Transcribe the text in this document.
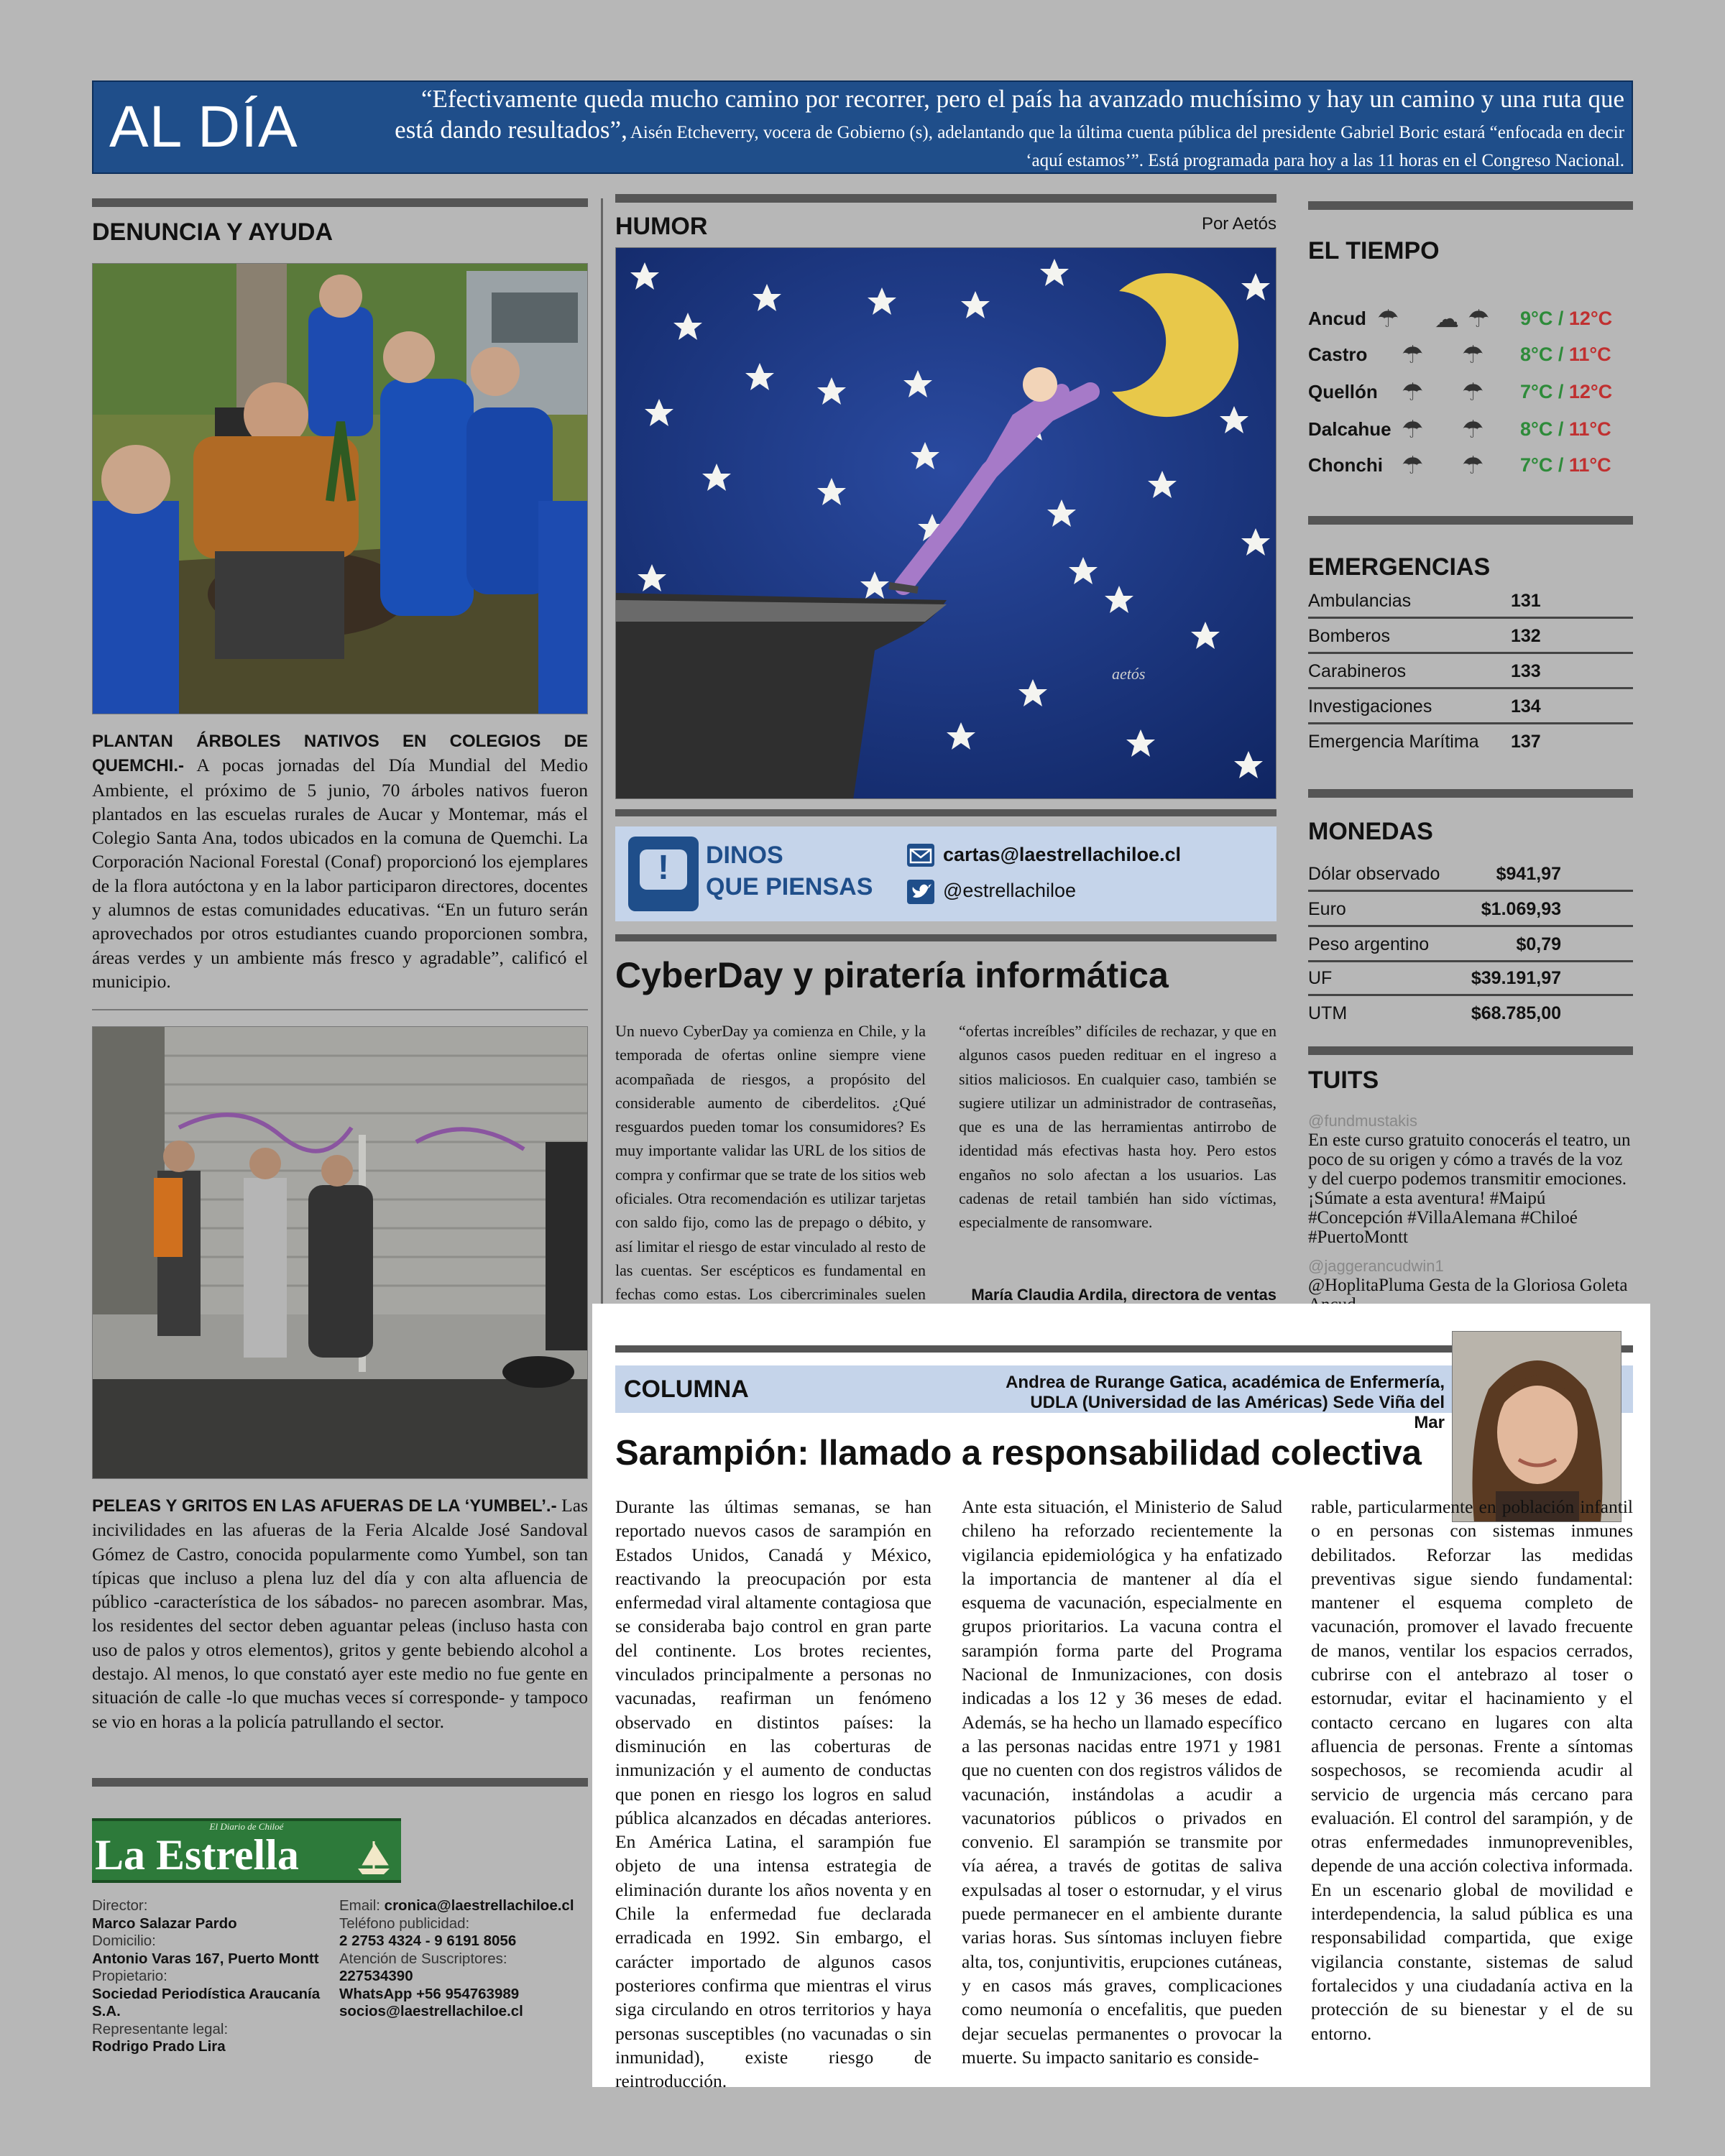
AL DÍA	“Efectivamente queda mucho camino por recorrer, pero el país ha avanzado muchísimo y hay un camino y una ruta que está dando resultados”, Aisén Etcheverry, vocera de Gobierno (s), adelantando que la última cuenta pública del presidente Gabriel Boric estará “enfocada en decir ‘aquí estamos’”. Está programada para hoy a las 11 horas en el Congreso Nacional.
DENUNCIA Y AYUDA
PLANTAN ÁRBOLES NATIVOS EN COLEGIOS DE QUEMCHI.- A pocas jornadas del Día Mundial del Medio Ambiente, el próximo de 5 junio, 70 árboles nativos fueron plantados en las escuelas rurales de Aucar y Montemar, más el Colegio Santa Ana, todos ubicados en la comuna de Quemchi. La Corporación Nacional Forestal (Conaf) proporcionó los ejemplares de la flora autóctona y en la labor participaron directores, docentes y alumnos de estas comunidades educativas. “En un futuro serán aprovechados por otros estudiantes cuando proporcionen sombra, áreas verdes y un ambiente más fresco y agradable”, calificó el municipio.
PELEAS Y GRITOS EN LAS AFUERAS DE LA ‘YUMBEL’.- Las incivilidades en las afueras de la Feria Alcalde José Sandoval Gómez de Castro, conocida popularmente como Yumbel, son tan típicas que incluso a plena luz del día y con alta afluencia de público -característica de los sábados- no parecen asombrar. Mas, los residentes del sector deben aguantar peleas (incluso hasta con uso de palos y otros elementos), gritos y gente bebiendo alcohol a destajo. Al menos, lo que constató ayer este medio no fue gente en situación de calle -lo que muchas veces sí corresponde- y tampoco se vio en horas a la policía patrullando el sector.
El Diario de Chiloé
La Estrella
Director:
Marco Salazar Pardo
Domicilio:
Antonio Varas 167, Puerto Montt
Propietario:
Sociedad Periodística Araucanía S.A.
Representante legal:
Rodrigo Prado Lira
Email: cronica@laestrellachiloe.cl
Teléfono publicidad:
2 2753 4324 - 9 6191 8056
Atención de Suscriptores:
227534390
WhatsApp +56 954763989
socios@laestrellachiloe.cl
HUMOR	Por Aetós
aetós
!	DINOS
QUE PIENSAS
cartas@laestrellachiloe.cl
@estrellachiloe
CyberDay y piratería informática
Un nuevo CyberDay ya comienza en Chile, y la temporada de ofertas online siempre viene acompañada de riesgos, a propósito del considerable aumento de ciberdelitos. ¿Qué resguardos pueden tomar los consumidores? Es muy importante validar las URL de los sitios de compra y confirmar que se trate de los sitios web oficiales. Otra recomendación es utilizar tarjetas con saldo fijo, como las de prepago o débito, y así limitar el riesgo de estar vinculado al resto de las cuentas. Ser escépticos es fundamental en fechas como estas. Los cibercriminales suelen
“ofertas increíbles” difíciles de rechazar, y que en algunos casos pueden redituar en el ingreso a sitios maliciosos. En cualquier caso, también se sugiere utilizar un administrador de contraseñas, que es una de las herramientas antirrobo de identidad más efectivas hasta hoy. Pero estos engaños no solo afectan a los usuarios. Las cadenas de retail también han sido víctimas, especialmente de ransomware.
María Claudia Ardila, directora de ventas
EL TIEMPO
Ancud ☂ ☁ ☂ 9°C / 12°C
Castro ☂ ☂ 8°C / 11°C
Quellón ☂ ☂ 7°C / 12°C
Dalcahue ☂ ☂ 8°C / 11°C
Chonchi ☂ ☂ 7°C / 11°C
EMERGENCIAS
Ambulancias	131
Bomberos	132
Carabineros	133
Investigaciones	134
Emergencia Marítima 137
MONEDAS
Dólar observado	$941,97
Euro	$1.069,93
Peso argentino	$0,79
UF	$39.191,97
UTM	$68.785,00
TUITS
@fundmustakis
En este curso gratuito conocerás el teatro, un poco de su origen y cómo a través de la voz y del cuerpo podemos transmitir emociones. ¡Súmate a esta aventura! #Maipú #Concepción #VillaAlemana #Chiloé #PuertoMontt
@jaggerancudwin1
@HoplitaPluma Gesta de la Gloriosa Goleta
COLUMNA	Andrea de Rurange Gatica, académica de Enfermería, UDLA (Universidad de las Américas) Sede Viña del Mar
Sarampión: llamado a responsabilidad colectiva
Durante las últimas semanas, se han reportado nuevos casos de sarampión en Estados Unidos, Canadá y México, reactivando la preocupación por esta enfermedad viral altamente contagiosa que se consideraba bajo control en gran parte del continente. Los brotes recientes, vinculados principalmente a personas no vacunadas, reafirman un fenómeno observado en distintos países: la disminución en las coberturas de inmunización y el aumento de conductas que ponen en riesgo los logros en salud pública alcanzados en décadas anteriores. En América Latina, el sarampión fue objeto de una intensa estrategia de eliminación durante los años noventa y en Chile la enfermedad fue declarada erradicada en 1992. Sin embargo, el carácter importado de algunos casos posteriores confirma que mientras el virus siga circulando en otros territorios y haya personas susceptibles (no vacunadas o sin inmunidad), existe riesgo de reintroducción.
Ante esta situación, el Ministerio de Salud chileno ha reforzado recientemente la vigilancia epidemiológica y ha enfatizado la importancia de mantener al día el esquema de vacunación, especialmente en grupos prioritarios. La vacuna contra el sarampión forma parte del Programa Nacional de Inmunizaciones, con dosis indicadas a los 12 y 36 meses de edad. Además, se ha hecho un llamado específico a las personas nacidas entre 1971 y 1981 que no cuenten con dos registros válidos de vacunación, instándolas a acudir a vacunatorios públicos o privados en convenio. El sarampión se transmite por vía aérea, a través de gotitas de saliva expulsadas al toser o estornudar, y el virus puede permanecer en el ambiente durante varias horas. Sus síntomas incluyen fiebre alta, tos, conjuntivitis, erupciones cutáneas, y en casos más graves, complicaciones como neumonía o encefalitis, que pueden dejar secuelas permanentes o provocar la muerte. Su impacto sanitario es conside-
rable, particularmente en población infantil o en personas con sistemas inmunes debilitados. Reforzar las medidas preventivas sigue siendo fundamental: mantener el esquema completo de vacunación, promover el lavado frecuente de manos, ventilar los espacios cerrados, cubrirse con el antebrazo al toser o estornudar, evitar el hacinamiento y el contacto cercano en lugares con alta afluencia de personas. Frente a síntomas sospechosos, se recomienda acudir al servicio de urgencia más cercano para evaluación. El control del sarampión, y de otras enfermedades inmunoprevenibles, depende de una acción colectiva informada. En un escenario global de movilidad e interdependencia, la salud pública es una responsabilidad compartida, que exige vigilancia constante, sistemas de salud fortalecidos y una ciudadanía activa en la protección de su bienestar y el de su entorno.
